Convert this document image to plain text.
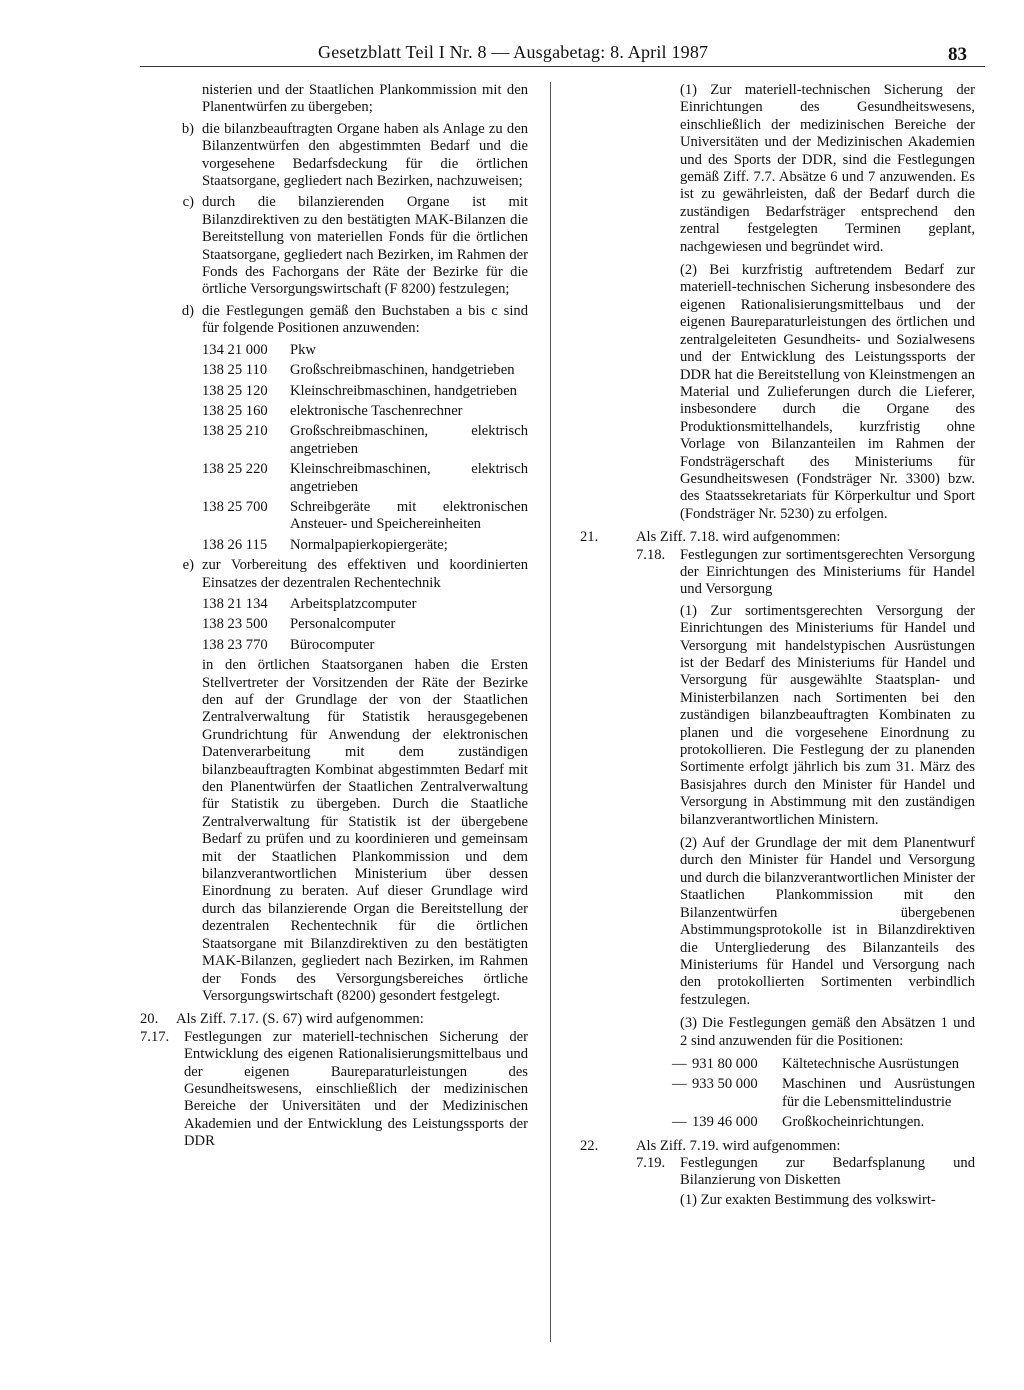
Gesetzblatt Teil I Nr. 8 — Ausgabetag: 8. April 1987	83

nisterien und der Staatlichen Plankommission mit den Planentwürfen zu übergeben;

b) die bilanzbeauftragten Organe haben als Anlage zu den Bilanzentwürfen den abgestimmten Bedarf und die vorgesehene Bedarfsdeckung für die örtlichen Staatsorgane, gegliedert nach Bezirken, nachzuweisen;
c) durch die bilanzierenden Organe ist mit Bilanzdirektiven zu den bestätigten MAK-Bilanzen die Bereitstellung von materiellen Fonds für die örtlichen Staatsorgane, gegliedert nach Bezirken, im Rahmen der Fonds des Fachorgans der Räte der Bezirke für die örtliche Versorgungswirtschaft (F 8200) festzulegen;
d) die Festlegungen gemäß den Buchstaben a bis c sind für folgende Positionen anzuwenden:
134 21 000	Pkw
138 25 110	Großschreibmaschinen, handgetrieben
138 25 120	Kleinschreibmaschinen, handgetrieben
138 25 160	elektronische Taschenrechner
138 25 210	Großschreibmaschinen, elektrisch angetrieben
138 25 220	Kleinschreibmaschinen, elektrisch angetrieben
138 25 700	Schreibgeräte mit elektronischen Ansteuer- und Speichereinheiten
138 26 115	Normalpapierkopiergeräte;
e) zur Vorbereitung des effektiven und koordinierten Einsatzes der dezentralen Rechentechnik
138 21 134	Arbeitsplatzcomputer
138 23 500	Personalcomputer
138 23 770	Bürocomputer

in den örtlichen Staatsorganen haben die Ersten Stellvertreter der Vorsitzenden der Räte der Bezirke den auf der Grundlage der von der Staatlichen Zentralverwaltung für Statistik herausgegebenen Grundrichtung für Anwendung der elektronischen Datenverarbeitung mit dem zuständigen bilanzbeauftragten Kombinat abgestimmten Bedarf mit den Planentwürfen der Staatlichen Zentralverwaltung für Statistik zu übergeben. Durch die Staatliche Zentralverwaltung für Statistik ist der übergebene Bedarf zu prüfen und zu koordinieren und gemeinsam mit der Staatlichen Plankommission und dem bilanzverantwortlichen Ministerium über dessen Einordnung zu beraten. Auf dieser Grundlage wird durch das bilanzierende Organ die Bereitstellung der dezentralen Rechentechnik für die örtlichen Staatsorgane mit Bilanzdirektiven zu den bestätigten MAK-Bilanzen, gegliedert nach Bezirken, im Rahmen der Fonds des Versorgungsbereiches örtliche Versorgungswirtschaft (8200) gesondert festgelegt.

20.	Als Ziff. 7.17. (S. 67) wird aufgenommen:
7.17.	Festlegungen zur materiell-technischen Sicherung der Entwicklung des eigenen Rationalisierungsmittelbaus und der eigenen Baureparaturleistungen des Gesundheitswesens, einschließlich der medizinischen Bereiche der Universitäten und der Medizinischen Akademien und der Entwicklung des Leistungssports der DDR

(1) Zur materiell-technischen Sicherung der Einrichtungen des Gesundheitswesens, einschließlich der medizinischen Bereiche der Universitäten und der Medizinischen Akademien und des Sports der DDR, sind die Festlegungen gemäß Ziff. 7.7. Absätze 6 und 7 anzuwenden. Es ist zu gewährleisten, daß der Bedarf durch die zuständigen Bedarfsträger entsprechend den zentral festgelegten Terminen geplant, nachgewiesen und begründet wird.

(2) Bei kurzfristig auftretendem Bedarf zur materiell-technischen Sicherung insbesondere des eigenen Rationalisierungsmittelbaus und der eigenen Baureparaturleistungen des örtlichen und zentralgeleiteten Gesundheits- und Sozialwesens und der Entwicklung des Leistungssports der DDR hat die Bereitstellung von Kleinstmengen an Material und Zulieferungen durch die Lieferer, insbesondere durch die Organe des Produktionsmittelhandels, kurzfristig ohne Vorlage von Bilanzanteilen im Rahmen der Fondsträgerschaft des Ministeriums für Gesundheitswesen (Fondsträger Nr. 3300) bzw. des Staatssekretariats für Körperkultur und Sport (Fondsträger Nr. 5230) zu erfolgen.

21.	Als Ziff. 7.18. wird aufgenommen:
7.18.	Festlegungen zur sortimentsgerechten Versorgung der Einrichtungen des Ministeriums für Handel und Versorgung

(1) Zur sortimentsgerechten Versorgung der Einrichtungen des Ministeriums für Handel und Versorgung mit handelstypischen Ausrüstungen ist der Bedarf des Ministeriums für Handel und Versorgung für ausgewählte Staatsplan- und Ministerbilanzen nach Sortimenten bei den zuständigen bilanzbeauftragten Kombinaten zu planen und die vorgesehene Einordnung zu protokollieren. Die Festlegung der zu planenden Sortimente erfolgt jährlich bis zum 31. März des Basisjahres durch den Minister für Handel und Versorgung in Abstimmung mit den zuständigen bilanzverantwortlichen Ministern.

(2) Auf der Grundlage der mit dem Planentwurf durch den Minister für Handel und Versorgung und durch die bilanzverantwortlichen Minister der Staatlichen Plankommission mit den Bilanzentwürfen übergebenen Abstimmungsprotokolle ist in Bilanzdirektiven die Untergliederung des Bilanzanteils des Ministeriums für Handel und Versorgung nach den protokollierten Sortimenten verbindlich festzulegen.

(3) Die Festlegungen gemäß den Absätzen 1 und 2 sind anzuwenden für die Positionen:

— 931 80 000	Kältetechnische Ausrüstungen
— 933 50 000	Maschinen und Ausrüstungen für die Lebensmittelindustrie
— 139 46 000	Großkocheinrichtungen.
22.	Als Ziff. 7.19. wird aufgenommen:
7.19.	Festlegungen zur Bedarfsplanung und Bilanzierung von Disketten

(1) Zur exakten Bestimmung des volkswirt-
